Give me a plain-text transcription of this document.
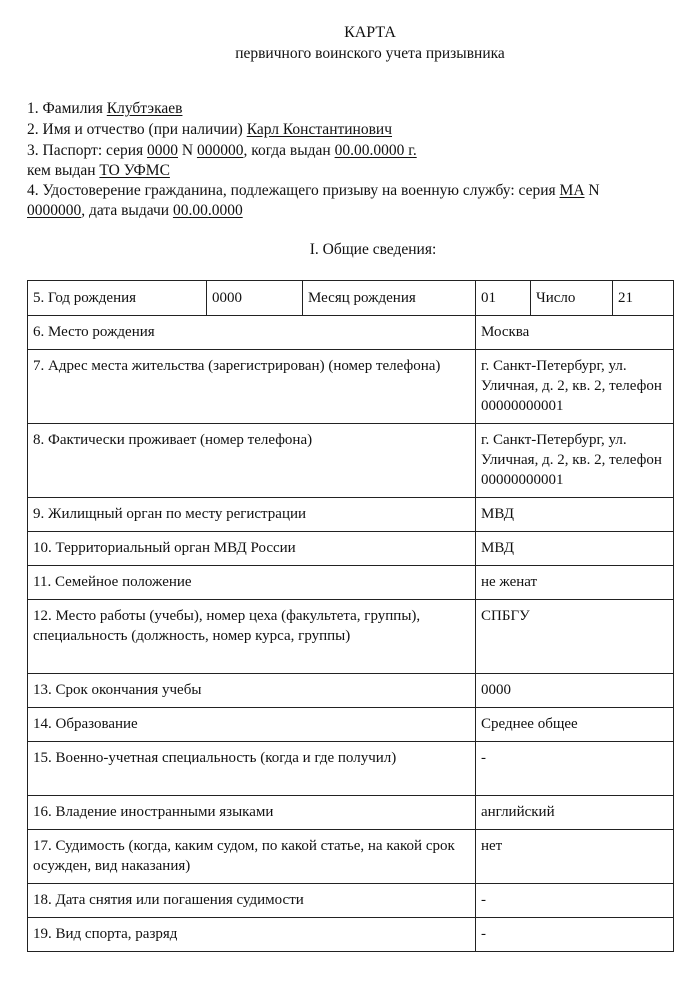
КАРТА
первичного воинского учета призывника
1. Фамилия Клубтэкаев
2. Имя и отчество (при наличии) Карл Константинович
3. Паспорт: серия 0000 N 000000, когда выдан 00.00.0000 г.
кем выдан ТО УФМС
4. Удостоверение гражданина, подлежащего призыву на военную службу: серия МА N
0000000, дата выдачи 00.00.0000
I. Общие сведения:
5. Год рождения	0000	Месяц рождения	01	Число	21
6. Место рождения			Москва		
7. Адрес места жительства (зарегистрирован) (номер телефона)			г. Санкт-Петербург, ул. Уличная, д. 2, кв. 2, телефон 00000000001		
8. Фактически проживает (номер телефона)			г. Санкт-Петербург, ул. Уличная, д. 2, кв. 2, телефон 00000000001		
9. Жилищный орган по месту регистрации			МВД		
10. Территориальный орган МВД России			МВД		
11. Семейное положение			не женат		
12. Место работы (учебы), номер цеха (факультета, группы), специальность (должность, номер курса, группы)			СПБГУ		
13. Срок окончания учебы			0000		
14. Образование			Среднее общее		
15. Военно-учетная специальность (когда и где получил)			-		
16. Владение иностранными языками			английский		
17. Судимость (когда, каким судом, по какой статье, на какой срок осужден, вид наказания)			нет		
18. Дата снятия или погашения судимости			-		
19. Вид спорта, разряд			-		
